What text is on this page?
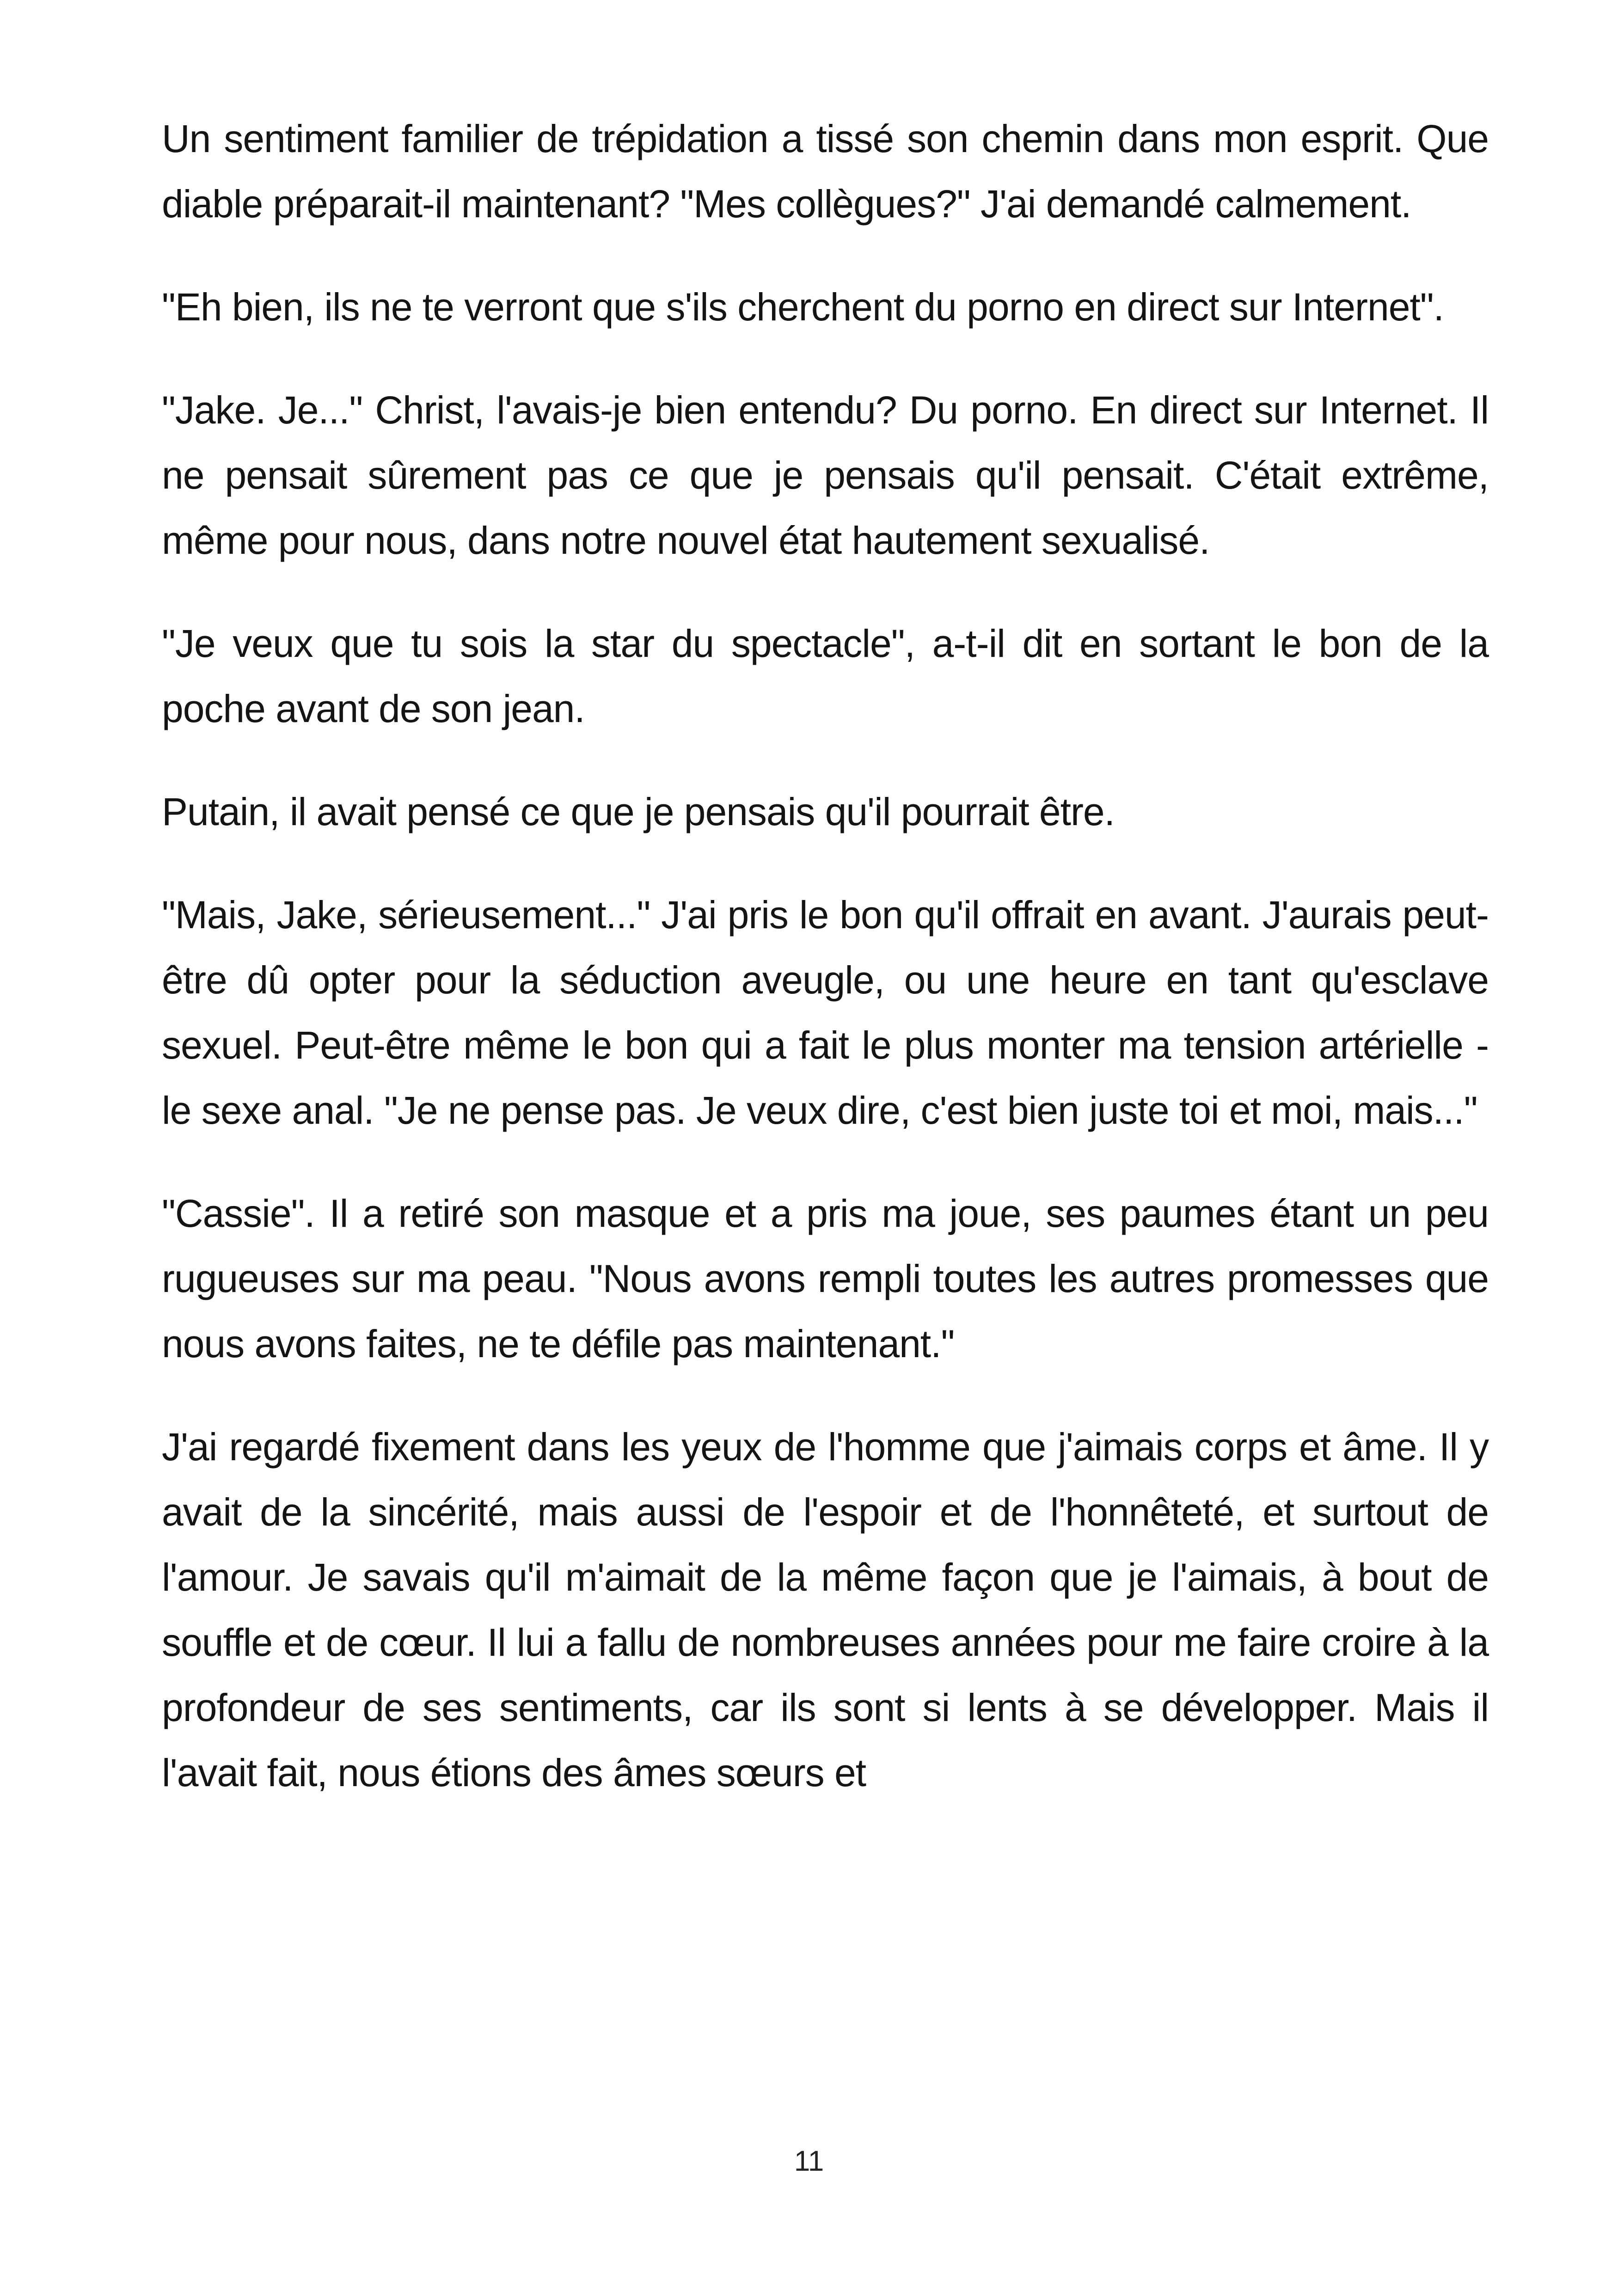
Un sentiment familier de trépidation a tissé son chemin dans mon esprit. Que diable préparait-il maintenant? "Mes collègues?" J'ai demandé calmement.

"Eh bien, ils ne te verront que s'ils cherchent du porno en direct sur Internet".

"Jake. Je..." Christ, l'avais-je bien entendu? Du porno. En direct sur Internet. Il ne pensait sûrement pas ce que je pensais qu'il pensait. C'était extrême, même pour nous, dans notre nouvel état hautement sexualisé.

"Je veux que tu sois la star du spectacle", a-t-il dit en sortant le bon de la poche avant de son jean.

Putain, il avait pensé ce que je pensais qu'il pourrait être.

"Mais, Jake, sérieusement..." J'ai pris le bon qu'il offrait en avant. J'aurais peut-être dû opter pour la séduction aveugle, ou une heure en tant qu'esclave sexuel. Peut-être même le bon qui a fait le plus monter ma tension artérielle - le sexe anal. "Je ne pense pas. Je veux dire, c'est bien juste toi et moi, mais..."

"Cassie". Il a retiré son masque et a pris ma joue, ses paumes étant un peu rugueuses sur ma peau. "Nous avons rempli toutes les autres promesses que nous avons faites, ne te défile pas maintenant."

J'ai regardé fixement dans les yeux de l'homme que j'aimais corps et âme. Il y avait de la sincérité, mais aussi de l'espoir et de l'honnêteté, et surtout de l'amour. Je savais qu'il m'aimait de la même façon que je l'aimais, à bout de souffle et de cœur. Il lui a fallu de nombreuses années pour me faire croire à la profondeur de ses sentiments, car ils sont si lents à se développer. Mais il l'avait fait, nous étions des âmes sœurs et

11
